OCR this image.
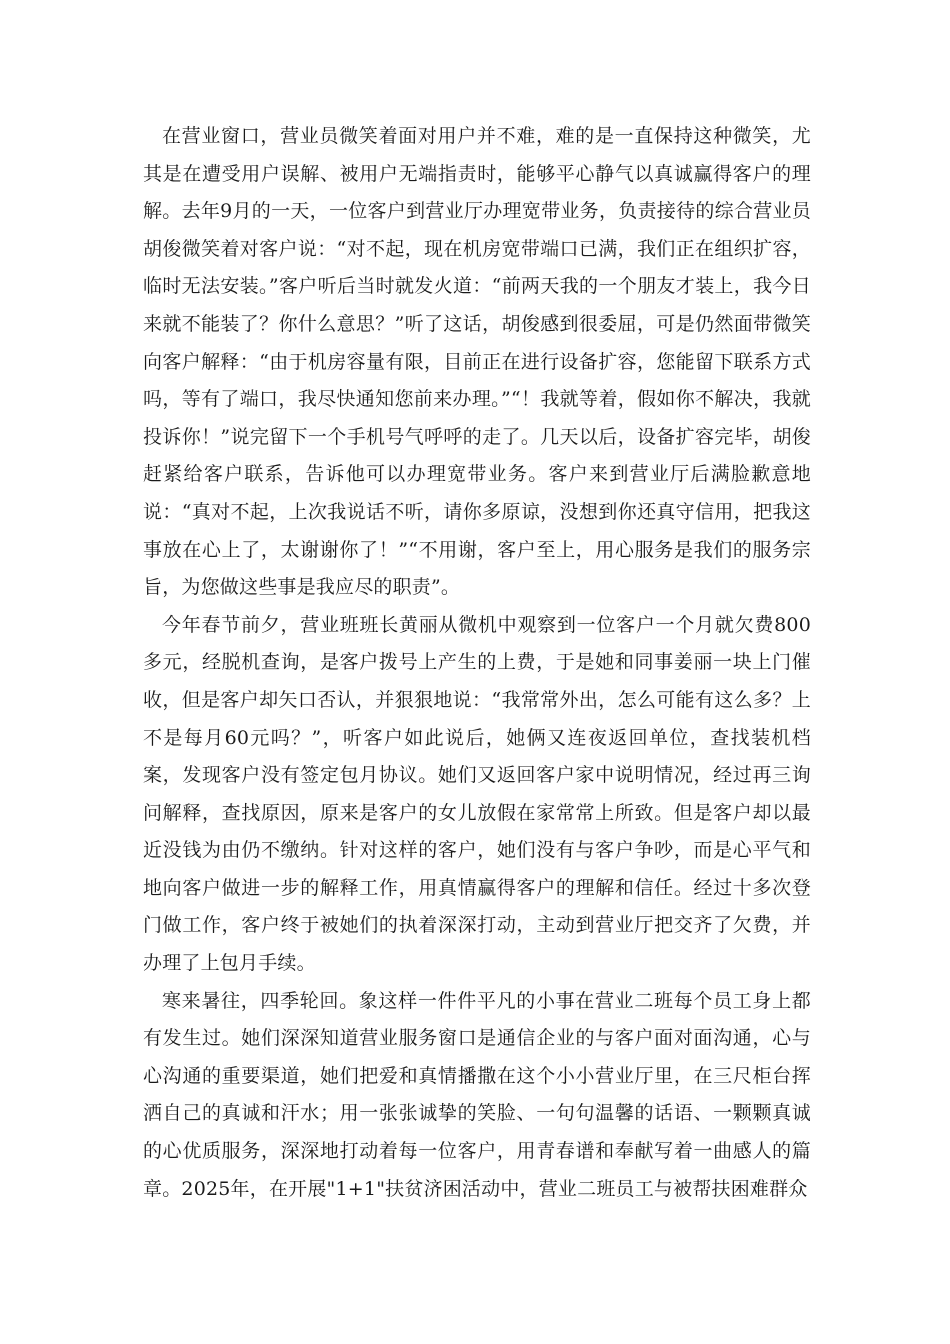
在营业窗口，营业员微笑着面对用户并不难，难的是一直保持这种微笑，尤其是在遭受用户误解、被用户无端指责时，能够平心静气以真诚赢得客户的理解。去年9月的一天，一位客户到营业厅办理宽带业务，负责接待的综合营业员胡俊微笑着对客户说：“对不起，现在机房宽带端口已满，我们正在组织扩容，临时无法安装。”客户听后当时就发火道：“前两天我的一个朋友才装上，我今日来就不能装了？你什么意思？”听了这话，胡俊感到很委屈，可是仍然面带微笑向客户解释：“由于机房容量有限，目前正在进行设备扩容，您能留下联系方式吗，等有了端口，我尽快通知您前来办理。”“！我就等着，假如你不解决，我就投诉你！”说完留下一个手机号气呼呼的走了。几天以后，设备扩容完毕，胡俊赶紧给客户联系，告诉他可以办理宽带业务。客户来到营业厅后满脸歉意地说：“真对不起，上次我说话不听，请你多原谅，没想到你还真守信用，把我这事放在心上了，太谢谢你了！”“不用谢，客户至上，用心服务是我们的服务宗旨，为您做这些事是我应尽的职责”。

今年春节前夕，营业班班长黄丽从微机中观察到一位客户一个月就欠费800多元，经脱机查询，是客户拨号上产生的上费，于是她和同事姜丽一块上门催收，但是客户却矢口否认，并狠狠地说：“我常常外出，怎么可能有这么多？上不是每月60元吗？”，听客户如此说后，她俩又连夜返回单位，查找装机档案，发现客户没有签定包月协议。她们又返回客户家中说明情况，经过再三询问解释，查找原因，原来是客户的女儿放假在家常常上所致。但是客户却以最近没钱为由仍不缴纳。针对这样的客户，她们没有与客户争吵，而是心平气和地向客户做进一步的解释工作，用真情赢得客户的理解和信任。经过十多次登门做工作，客户终于被她们的执着深深打动，主动到营业厅把交齐了欠费，并办理了上包月手续。

寒来暑往，四季轮回。象这样一件件平凡的小事在营业二班每个员工身上都有发生过。她们深深知道营业服务窗口是通信企业的与客户面对面沟通，心与心沟通的重要渠道，她们把爱和真情播撒在这个小小营业厅里，在三尺柜台挥洒自己的真诚和汗水；用一张张诚挚的笑脸、一句句温馨的话语、一颗颗真诚的心优质服务，深深地打动着每一位客户，用青春谱和奉献写着一曲感人的篇章。2025年，在开展"1+1"扶贫济困活动中，营业二班员工与被帮扶困难群众
